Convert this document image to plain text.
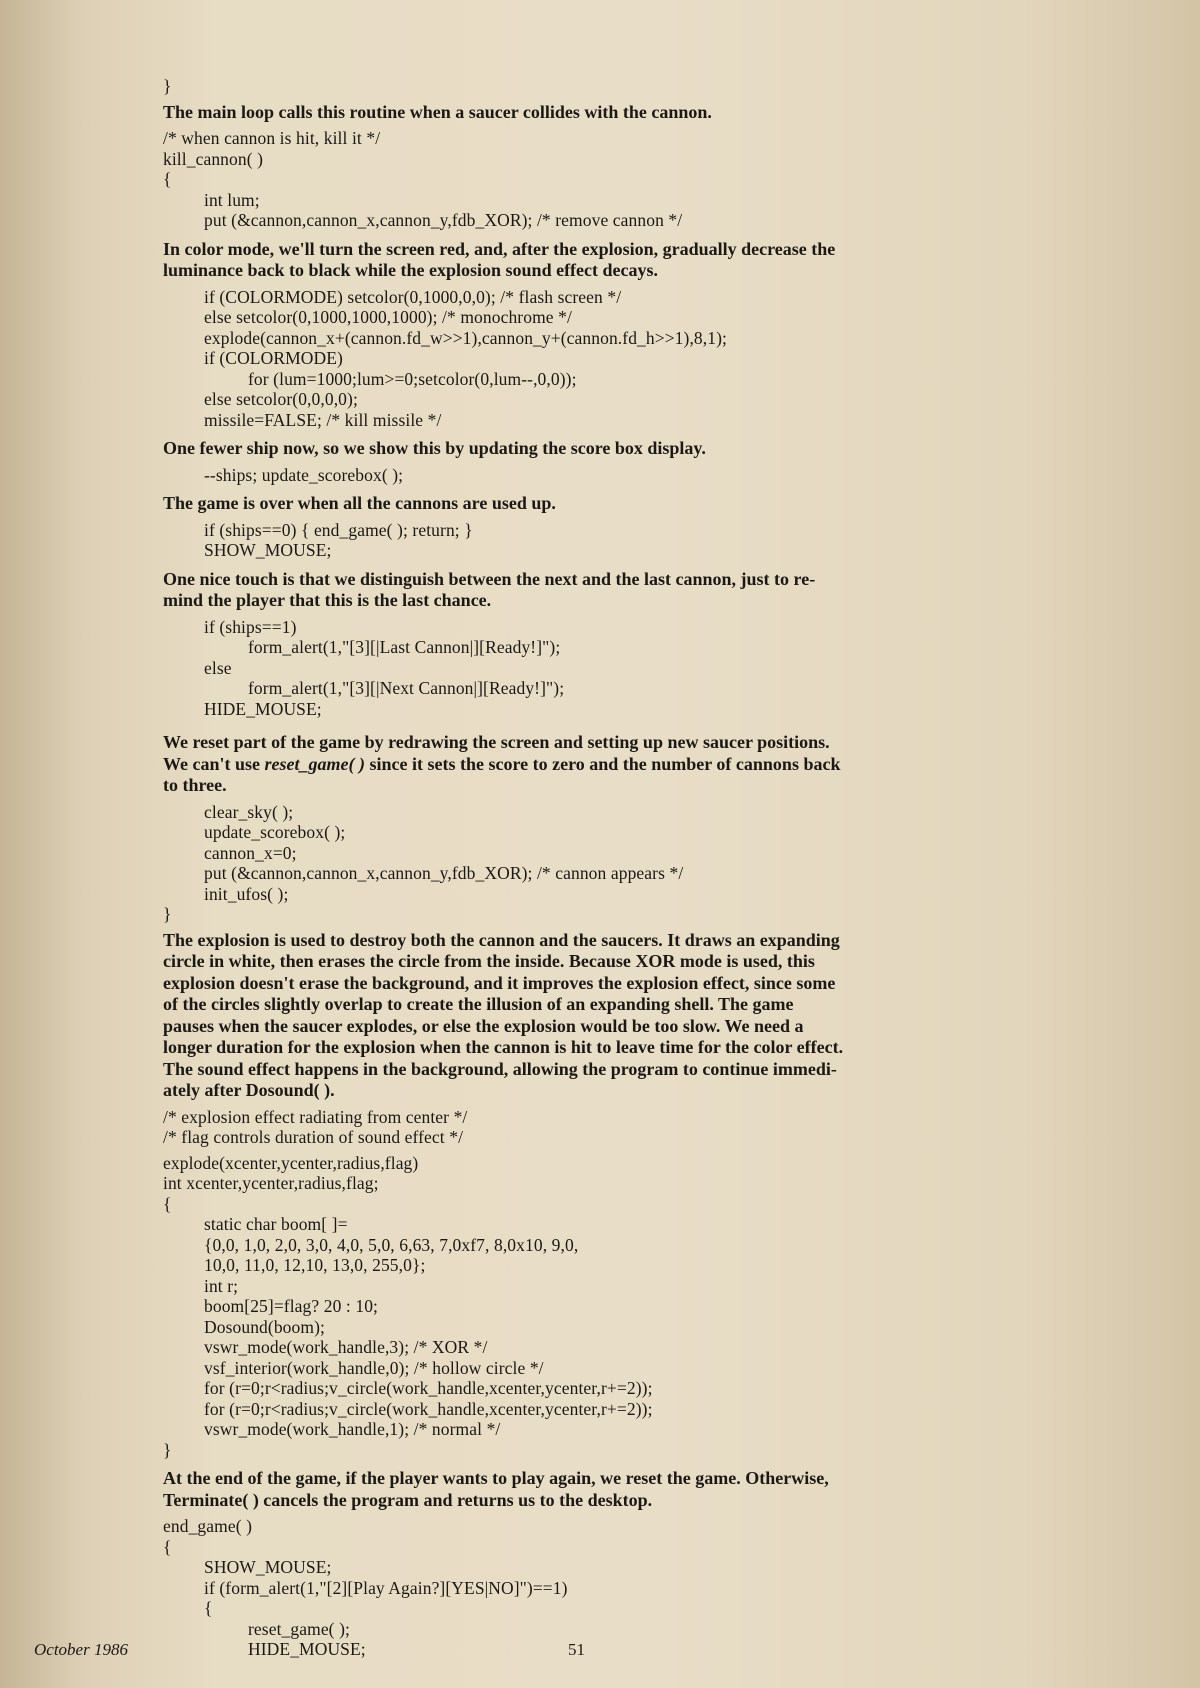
}
The main loop calls this routine when a saucer collides with the cannon.
/* when cannon is hit, kill it */
kill_cannon( )
{
int lum;
put (&cannon,cannon_x,cannon_y,fdb_XOR); /* remove cannon */
In color mode, we'll turn the screen red, and, after the explosion, gradually decrease the
luminance back to black while the explosion sound effect decays.
if (COLORMODE) setcolor(0,1000,0,0); /* flash screen */
else setcolor(0,1000,1000,1000); /* monochrome */
explode(cannon_x+(cannon.fd_w>>1),cannon_y+(cannon.fd_h>>1),8,1);
if (COLORMODE)
for (lum=1000;lum>=0;setcolor(0,lum--,0,0));
else setcolor(0,0,0,0);
missile=FALSE; /* kill missile */
One fewer ship now, so we show this by updating the score box display.
--ships; update_scorebox( );
The game is over when all the cannons are used up.
if (ships==0) { end_game( ); return; }
SHOW_MOUSE;
One nice touch is that we distinguish between the next and the last cannon, just to re-
mind the player that this is the last chance.
if (ships==1)
form_alert(1,"[3][|Last Cannon|][Ready!]");
else
form_alert(1,"[3][|Next Cannon|][Ready!]");
HIDE_MOUSE;
We reset part of the game by redrawing the screen and setting up new saucer positions.
We can't use reset_game( ) since it sets the score to zero and the number of cannons back
to three.
clear_sky( );
update_scorebox( );
cannon_x=0;
put (&cannon,cannon_x,cannon_y,fdb_XOR); /* cannon appears */
init_ufos( );
}
The explosion is used to destroy both the cannon and the saucers. It draws an expanding
circle in white, then erases the circle from the inside. Because XOR mode is used, this
explosion doesn't erase the background, and it improves the explosion effect, since some
of the circles slightly overlap to create the illusion of an expanding shell. The game
pauses when the saucer explodes, or else the explosion would be too slow. We need a
longer duration for the explosion when the cannon is hit to leave time for the color effect.
The sound effect happens in the background, allowing the program to continue immedi-
ately after Dosound( ).
/* explosion effect radiating from center */
/* flag controls duration of sound effect */
explode(xcenter,ycenter,radius,flag)
int xcenter,ycenter,radius,flag;
{
static char boom[ ]=
{0,0, 1,0, 2,0, 3,0, 4,0, 5,0, 6,63, 7,0xf7, 8,0x10, 9,0,
10,0, 11,0, 12,10, 13,0, 255,0};
int r;
boom[25]=flag? 20 : 10;
Dosound(boom);
vswr_mode(work_handle,3); /* XOR */
vsf_interior(work_handle,0); /* hollow circle */
for (r=0;r<radius;v_circle(work_handle,xcenter,ycenter,r+=2));
for (r=0;r<radius;v_circle(work_handle,xcenter,ycenter,r+=2));
vswr_mode(work_handle,1); /* normal */
}
At the end of the game, if the player wants to play again, we reset the game. Otherwise,
Terminate( ) cancels the program and returns us to the desktop.
end_game( )
{
SHOW_MOUSE;
if (form_alert(1,"[2][Play Again?][YES|NO]")==1)
{
reset_game( );
HIDE_MOUSE;
October 1986	51
